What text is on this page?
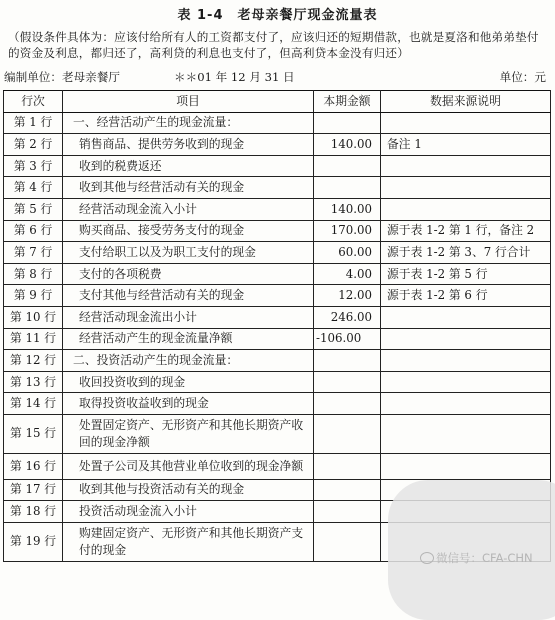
表 1-4 老母亲餐厅现金流量表
（假设条件具体为：应该付给所有人的工资都支付了，应该归还的短期借款，也就是夏洛和他弟弟垫付的资金及利息，都归还了，高利贷的利息也支付了，但高利贷本金没有归还）
编制单位：老母亲餐厅	＊＊01 年 12 月 31 日	单位：元
行次	项目	本期金额	数据来源说明
第 1 行	一、经营活动产生的现金流量：		
第 2 行	销售商品、提供劳务收到的现金	140.00	备注 1
第 3 行	收到的税费返还		
第 4 行	收到其他与经营活动有关的现金		
第 5 行	经营活动现金流入小计	140.00	
第 6 行	购买商品、接受劳务支付的现金	170.00	源于表 1-2 第 1 行，备注 2
第 7 行	支付给职工以及为职工支付的现金	60.00	源于表 1-2 第 3、7 行合计
第 8 行	支付的各项税费	4.00	源于表 1-2 第 5 行
第 9 行	支付其他与经营活动有关的现金	12.00	源于表 1-2 第 6 行
第 10 行	经营活动现金流出小计	246.00	
第 11 行	经营活动产生的现金流量净额	-106.00	
第 12 行	二、投资活动产生的现金流量：		
第 13 行	收回投资收到的现金		
第 14 行	取得投资收益收到的现金		
第 15 行	处置固定资产、无形资产和其他长期资产收回的现金净额		
第 16 行	处置子公司及其他营业单位收到的现金净额		
第 17 行	收到其他与投资活动有关的现金		
第 18 行	投资活动现金流入小计		
第 19 行	购建固定资产、无形资产和其他长期资产支付的现金		
微信号：CFA-CHN
